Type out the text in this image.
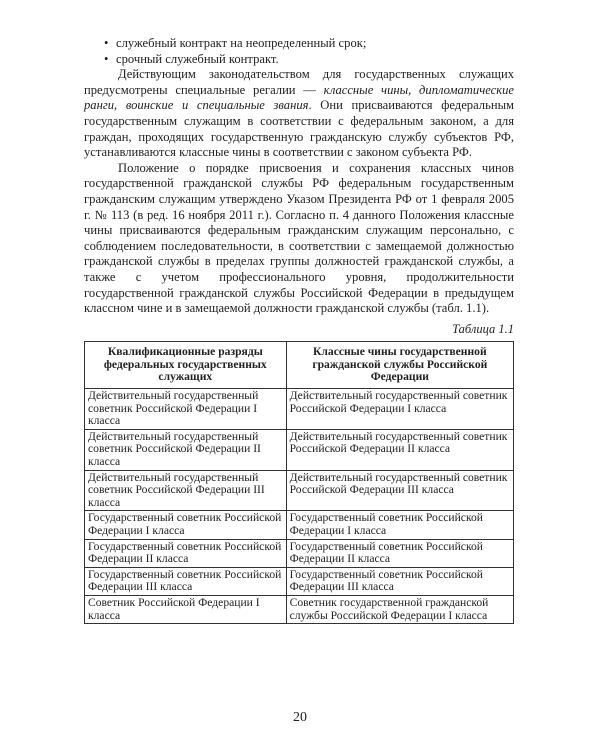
• служебный контракт на неопределенный срок;
• срочный служебный контракт.

Действующим законодательством для государственных служащих предусмотрены специальные регалии — классные чины, дипломатические ранги, воинские и специальные звания. Они присваиваются федеральным государственным служащим в соответствии с федеральным законом, а для граждан, проходящих государственную гражданскую службу субъектов РФ, устанавливаются классные чины в соответствии с законом субъекта РФ.

Положение о порядке присвоения и сохранения классных чинов государственной гражданской службы РФ федеральным государственным гражданским служащим утверждено Указом Президента РФ от 1 февраля 2005 г. № 113 (в ред. 16 ноября 2011 г.). Согласно п. 4 данного Положения классные чины присваиваются федеральным гражданским служащим персонально, с соблюдением последовательности, в соответствии с замещаемой должностью гражданской службы в пределах группы должностей гражданской службы, а также с учетом профессионального уровня, продолжительности государственной гражданской службы Российской Федерации в предыдущем классном чине и в замещаемой должности гражданской службы (табл. 1.1).

Таблица 1.1
Квалификационные разряды федеральных государственных служащих	Классные чины государственной гражданской службы Российской Федерации
Действительный государственный советник Российской Федерации I класса	Действительный государственный советник Российской Федерации I класса
Действительный государственный советник Российской Федерации II класса	Действительный государственный советник Российской Федерации II класса
Действительный государственный советник Российской Федерации III класса	Действительный государственный советник Российской Федерации III класса
Государственный советник Российской Федерации I класса	Государственный советник Российской Федерации I класса
Государственный советник Российской Федерации II класса	Государственный советник Российской Федерации II класса
Государственный советник Российской Федерации III класса	Государственный советник Российской Федерации III класса
Советник Российской Федерации I класса	Советник государственной гражданской службы Российской Федерации I класса
20
